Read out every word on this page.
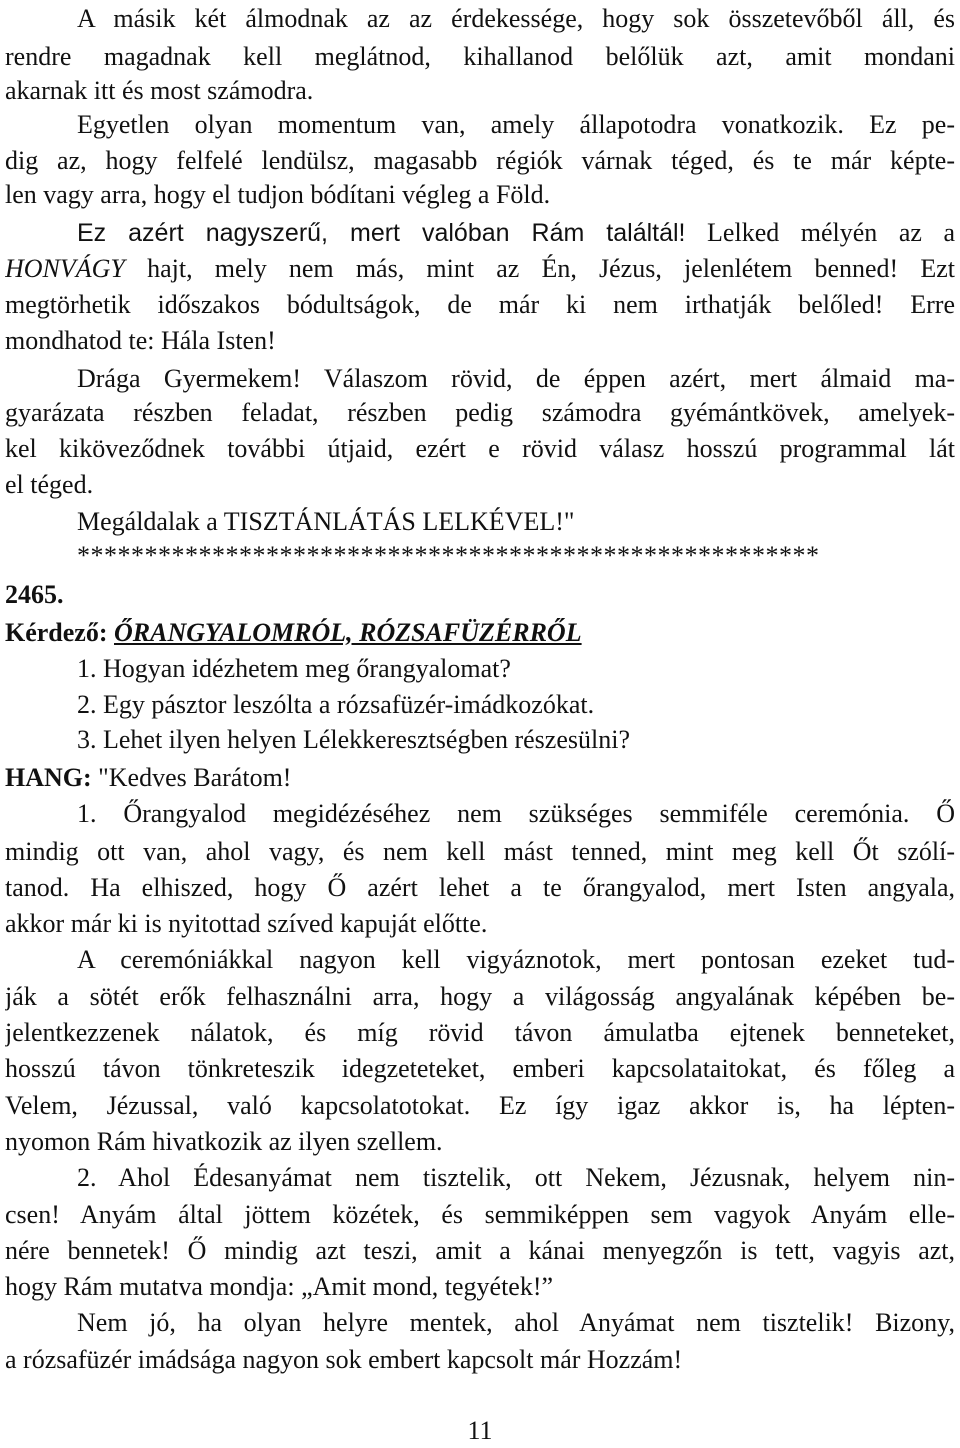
A másik két álmodnak az az érdekessége, hogy sok összetevőből áll, és
rendre magadnak kell meglátnod, kihallanod belőlük azt, amit mondani
akarnak itt és most számodra.
Egyetlen olyan momentum van, amely állapotodra vonatkozik. Ez pe-
dig az, hogy felfelé lendülsz, magasabb régiók várnak téged, és te már képte-
len vagy arra, hogy el tudjon bódítani végleg a Föld.
Ez azért nagyszerű, mert valóban Rám találtál! Lelked mélyén az a
HONVÁGY hajt, mely nem más, mint az Én, Jézus, jelenlétem benned! Ezt
megtörhetik időszakos bódultságok, de már ki nem irthatják belőled! Erre
mondhatod te: Hála Isten!
Drága Gyermekem! Válaszom rövid, de éppen azért, mert álmaid ma-
gyarázata részben feladat, részben pedig számodra gyémántkövek, amelyek-
kel kiköveződnek további útjaid, ezért e rövid válasz hosszú programmal lát
el téged.
Megáldalak a TISZTÁNLÁTÁS LELKÉVEL!"
*******************************************************
2465.
Kérdező: ŐRANGYALOMRÓL, RÓZSAFÜZÉRRŐL
1. Hogyan idézhetem meg őrangyalomat?
2. Egy pásztor leszólta a rózsafüzér-imádkozókat.
3. Lehet ilyen helyen Lélekkeresztségben részesülni?
HANG: "Kedves Barátom!
1. Őrangyalod megidézéséhez nem szükséges semmiféle ceremónia. Ő
mindig ott van, ahol vagy, és nem kell mást tenned, mint meg kell Őt szólí-
tanod. Ha elhiszed, hogy Ő azért lehet a te őrangyalod, mert Isten angyala,
akkor már ki is nyitottad szíved kapuját előtte.
A ceremóniákkal nagyon kell vigyáznotok, mert pontosan ezeket tud-
ják a sötét erők felhasználni arra, hogy a világosság angyalának képében be-
jelentkezzenek nálatok, és míg rövid távon ámulatba ejtenek benneteket,
hosszú távon tönkreteszik idegzeteteket, emberi kapcsolataitokat, és főleg a
Velem, Jézussal, való kapcsolatotokat. Ez így igaz akkor is, ha lépten-
nyomon Rám hivatkozik az ilyen szellem.
2. Ahol Édesanyámat nem tisztelik, ott Nekem, Jézusnak, helyem nin-
csen! Anyám által jöttem közétek, és semmiképpen sem vagyok Anyám elle-
nére bennetek! Ő mindig azt teszi, amit a kánai menyegzőn is tett, vagyis azt,
hogy Rám mutatva mondja: „Amit mond, tegyétek!”
Nem jó, ha olyan helyre mentek, ahol Anyámat nem tisztelik! Bizony,
a rózsafüzér imádsága nagyon sok embert kapcsolt már Hozzám!
11
